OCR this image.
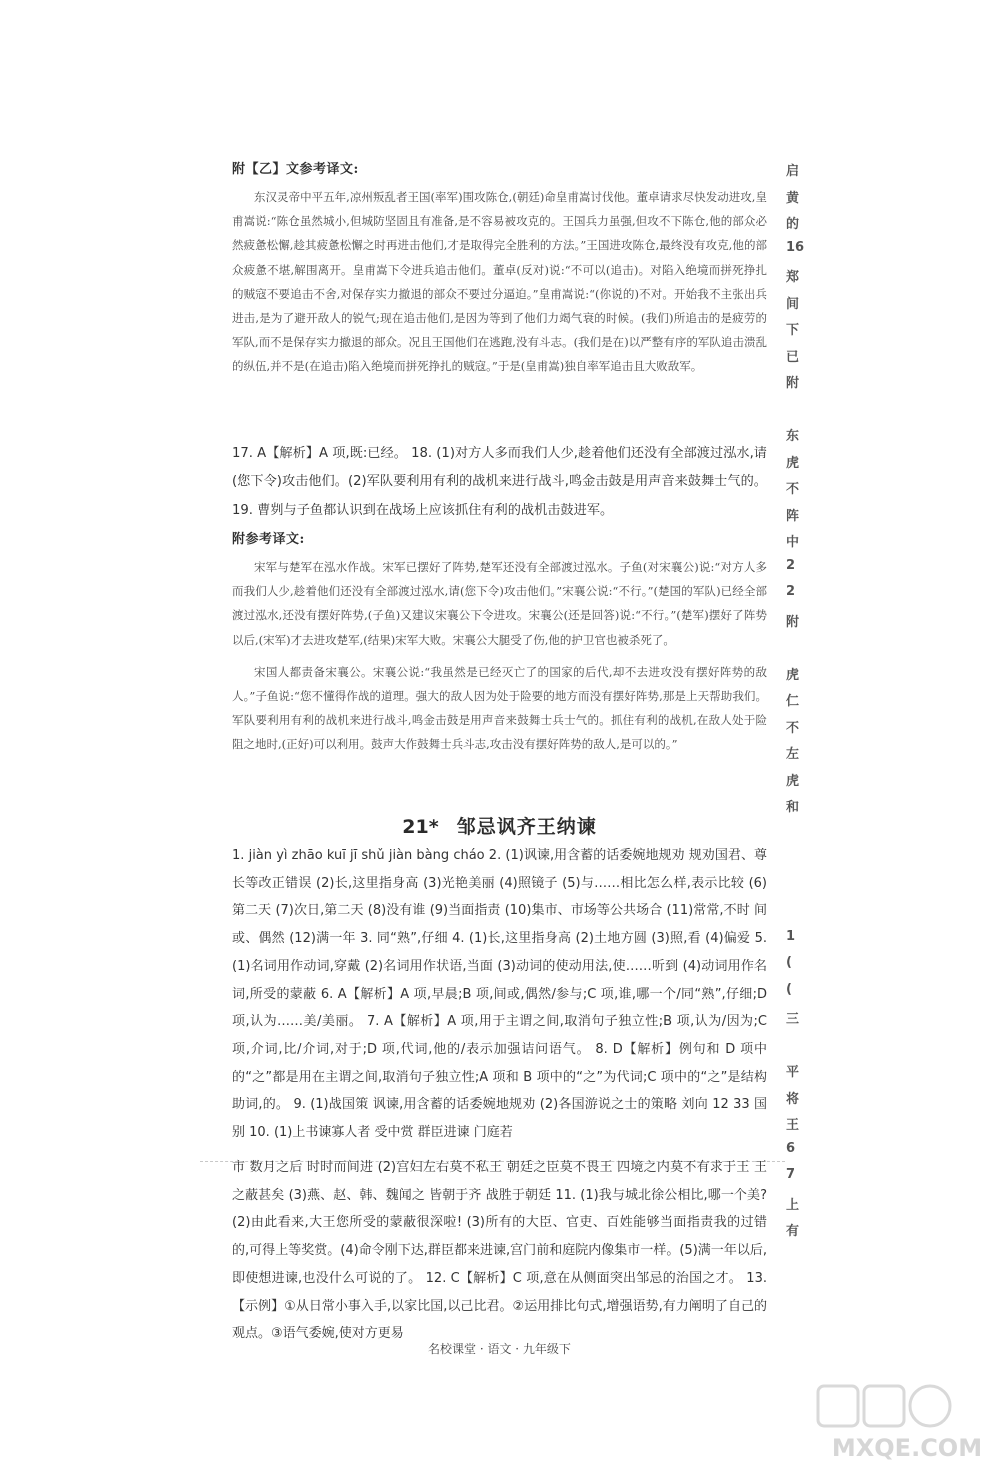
附【乙】文参考译文:

东汉灵帝中平五年,凉州叛乱者王国(率军)围攻陈仓,(朝廷)命皇甫嵩讨伐他。董卓请求尽快发动进攻,皇甫嵩说:“陈仓虽然城小,但城防坚固且有准备,是不容易被攻克的。王国兵力虽强,但攻不下陈仓,他的部众必然疲惫松懈,趁其疲惫松懈之时再进击他们,才是取得完全胜利的方法。”王国进攻陈仓,最终没有攻克,他的部众疲惫不堪,解围离开。皇甫嵩下令进兵追击他们。董卓(反对)说:“不可以(追击)。对陷入绝境而拼死挣扎的贼寇不要追击不舍,对保存实力撤退的部众不要过分逼迫。”皇甫嵩说:“(你说的)不对。开始我不主张出兵进击,是为了避开敌人的锐气;现在追击他们,是因为等到了他们力竭气衰的时候。(我们)所追击的是疲劳的军队,而不是保存实力撤退的部众。况且王国他们在逃跑,没有斗志。(我们是在)以严整有序的军队追击溃乱的纵伍,并不是(在追击)陷入绝境而拼死挣扎的贼寇。”于是(皇甫嵩)独自率军追击且大败敌军。

17. A【解析】A 项,既:已经。 18. (1)对方人多而我们人少,趁着他们还没有全部渡过泓水,请(您下令)攻击他们。(2)军队要利用有利的战机来进行战斗,鸣金击鼓是用声音来鼓舞士气的。 19. 曹刿与子鱼都认识到在战场上应该抓住有利的战机击鼓进军。

附参考译文:

宋军与楚军在泓水作战。宋军已摆好了阵势,楚军还没有全部渡过泓水。子鱼(对宋襄公)说:“对方人多而我们人少,趁着他们还没有全部渡过泓水,请(您下令)攻击他们。”宋襄公说:“不行。”(楚国的军队)已经全部渡过泓水,还没有摆好阵势,(子鱼)又建议宋襄公下令进攻。宋襄公(还是回答)说:“不行。”(楚军)摆好了阵势以后,(宋军)才去进攻楚军,(结果)宋军大败。宋襄公大腿受了伤,他的护卫官也被杀死了。

宋国人都责备宋襄公。宋襄公说:“我虽然是已经灭亡了的国家的后代,却不去进攻没有摆好阵势的敌人。”子鱼说:“您不懂得作战的道理。强大的敌人因为处于险要的地方而没有摆好阵势,那是上天帮助我们。军队要利用有利的战机来进行战斗,鸣金击鼓是用声音来鼓舞士兵士气的。抓住有利的战机,在敌人处于险阻之地时,(正好)可以利用。鼓声大作鼓舞士兵斗志,攻击没有摆好阵势的敌人,是可以的。”

21* 邹忌讽齐王纳谏

1. jiàn yì zhāo kuī jī shǔ jiàn bàng cháo 2. (1)讽谏,用含蓄的话委婉地规劝 规劝国君、尊长等改正错误 (2)长,这里指身高 (3)光艳美丽 (4)照镜子 (5)与……相比怎么样,表示比较 (6)第二天 (7)次日,第二天 (8)没有谁 (9)当面指责 (10)集市、市场等公共场合 (11)常常,不时 间或、偶然 (12)满一年 3. 同“熟”,仔细 4. (1)长,这里指身高 (2)土地方圆 (3)照,看 (4)偏爱 5. (1)名词用作动词,穿戴 (2)名词用作状语,当面 (3)动词的使动用法,使……听到 (4)动词用作名词,所受的蒙蔽 6. A【解析】A 项,早晨;B 项,间或,偶然/参与;C 项,谁,哪一个/同“熟”,仔细;D 项,认为……美/美丽。 7. A【解析】A 项,用于主谓之间,取消句子独立性;B 项,认为/因为;C 项,介词,比/介词,对于;D 项,代词,他的/表示加强诘问语气。 8. D【解析】例句和 D 项中的“之”都是用在主谓之间,取消句子独立性;A 项和 B 项中的“之”为代词;C 项中的“之”是结构助词,的。 9. (1)战国策 讽谏,用含蓄的话委婉地规劝 (2)各国游说之士的策略 刘向 12 33 国别 10. (1)上书谏寡人者 受中赏 群臣进谏 门庭若

市 数月之后 时时而间进 (2)宫妇左右莫不私王 朝廷之臣莫不畏王 四境之内莫不有求于王 王之蔽甚矣 (3)燕、赵、韩、魏闻之 皆朝于齐 战胜于朝廷 11. (1)我与城北徐公相比,哪一个美? (2)由此看来,大王您所受的蒙蔽很深啦! (3)所有的大臣、官吏、百姓能够当面指责我的过错的,可得上等奖赏。(4)命令刚下达,群臣都来进谏,宫门前和庭院内像集市一样。(5)满一年以后,即使想进谏,也没什么可说的了。 12. C【解析】C 项,意在从侧面突出邹忌的治国之才。 13. 【示例】①从日常小事入手,以家比国,以己比君。②运用排比句式,增强语势,有力阐明了自己的观点。③语气委婉,使对方更易

名校课堂 · 语文 · 九年级下
启
黄
的
16
郑
间
下
已
附
东
虎
不
阵
中
2
2
附
虎
仁
不
左
虎
和
1
(
(
三
平
将
王
6
7
上
有
MXQE.COM
